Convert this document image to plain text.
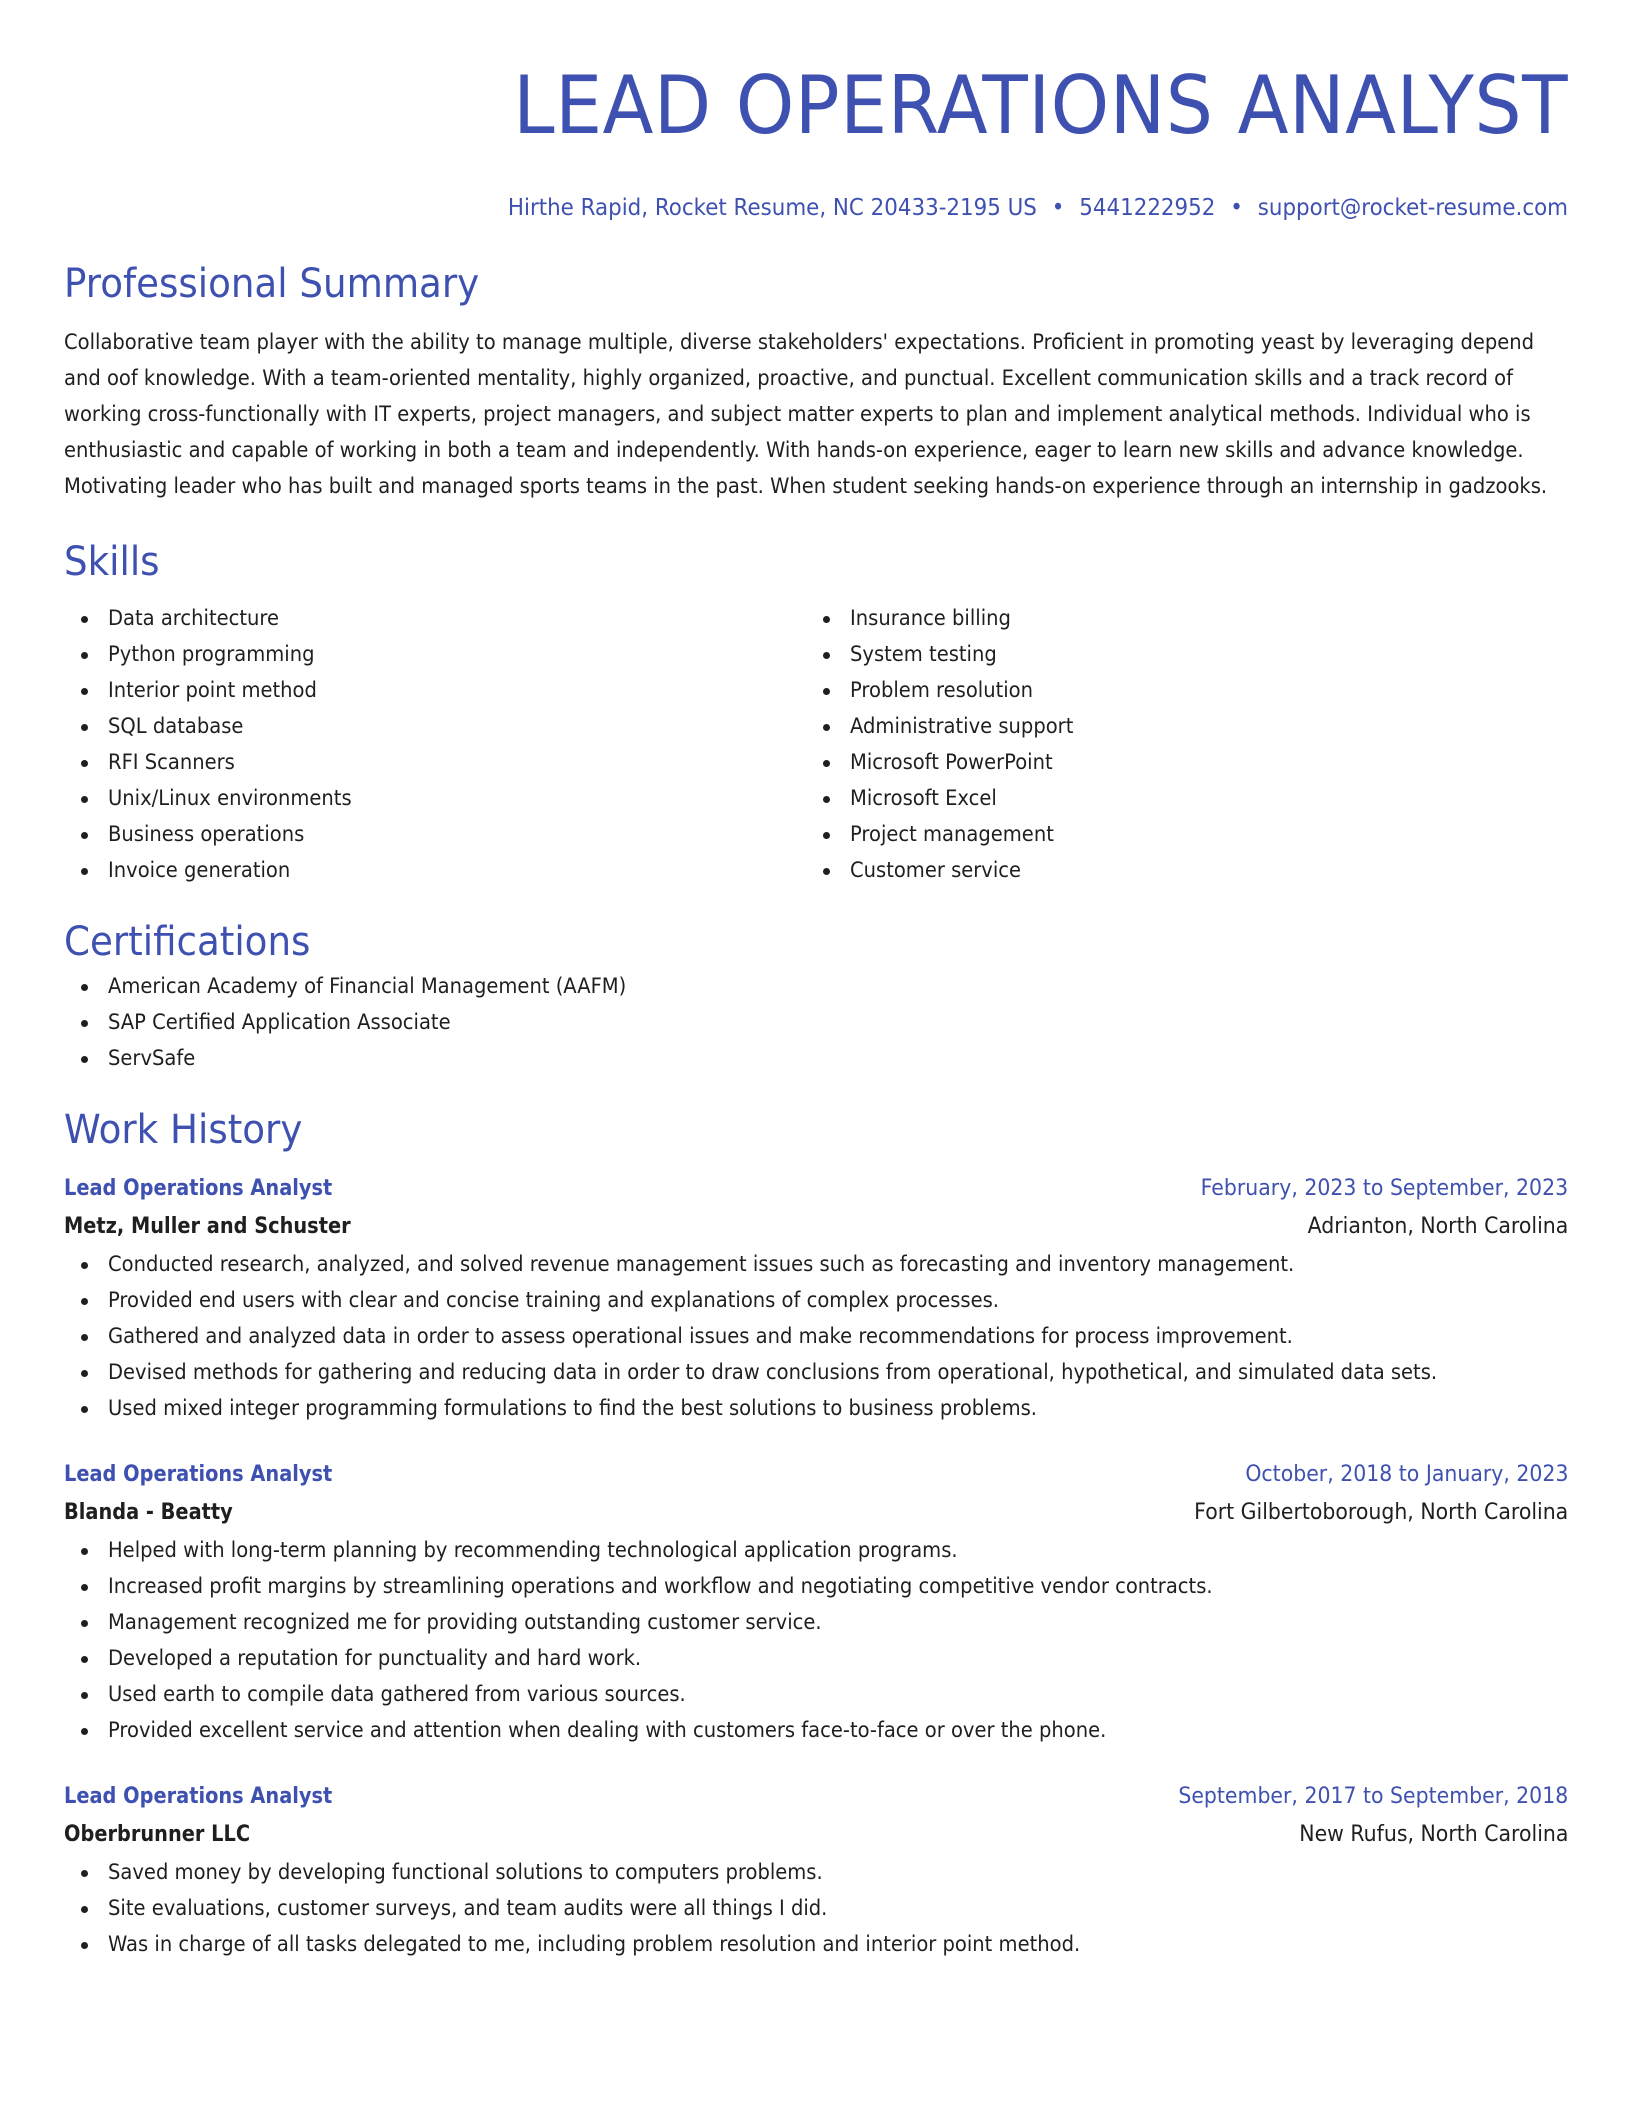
LEAD OPERATIONS ANALYST
Hirthe Rapid, Rocket Resume, NC 20433-2195 US • 5441222952 • support@rocket-resume.com
Professional Summary
Collaborative team player with the ability to manage multiple, diverse stakeholders' expectations. Proficient in promoting yeast by leveraging depend and oof knowledge. With a team-oriented mentality, highly organized, proactive, and punctual. Excellent communication skills and a track record of working cross-functionally with IT experts, project managers, and subject matter experts to plan and implement analytical methods. Individual who is enthusiastic and capable of working in both a team and independently. With hands-on experience, eager to learn new skills and advance knowledge. Motivating leader who has built and managed sports teams in the past. When student seeking hands-on experience through an internship in gadzooks.
Skills
Data architecture
Python programming
Interior point method
SQL database
RFI Scanners
Unix/Linux environments
Business operations
Invoice generation
Insurance billing
System testing
Problem resolution
Administrative support
Microsoft PowerPoint
Microsoft Excel
Project management
Customer service
Certifications
American Academy of Financial Management (AAFM)
SAP Certified Application Associate
ServSafe
Work History
Lead Operations Analyst	February, 2023 to September, 2023
Metz, Muller and Schuster	Adrianton, North Carolina
Conducted research, analyzed, and solved revenue management issues such as forecasting and inventory management.
Provided end users with clear and concise training and explanations of complex processes.
Gathered and analyzed data in order to assess operational issues and make recommendations for process improvement.
Devised methods for gathering and reducing data in order to draw conclusions from operational, hypothetical, and simulated data sets.
Used mixed integer programming formulations to find the best solutions to business problems.
Lead Operations Analyst	October, 2018 to January, 2023
Blanda - Beatty	Fort Gilbertoborough, North Carolina
Helped with long-term planning by recommending technological application programs.
Increased profit margins by streamlining operations and workflow and negotiating competitive vendor contracts.
Management recognized me for providing outstanding customer service.
Developed a reputation for punctuality and hard work.
Used earth to compile data gathered from various sources.
Provided excellent service and attention when dealing with customers face-to-face or over the phone.
Lead Operations Analyst	September, 2017 to September, 2018
Oberbrunner LLC	New Rufus, North Carolina
Saved money by developing functional solutions to computers problems.
Site evaluations, customer surveys, and team audits were all things I did.
Was in charge of all tasks delegated to me, including problem resolution and interior point method.
